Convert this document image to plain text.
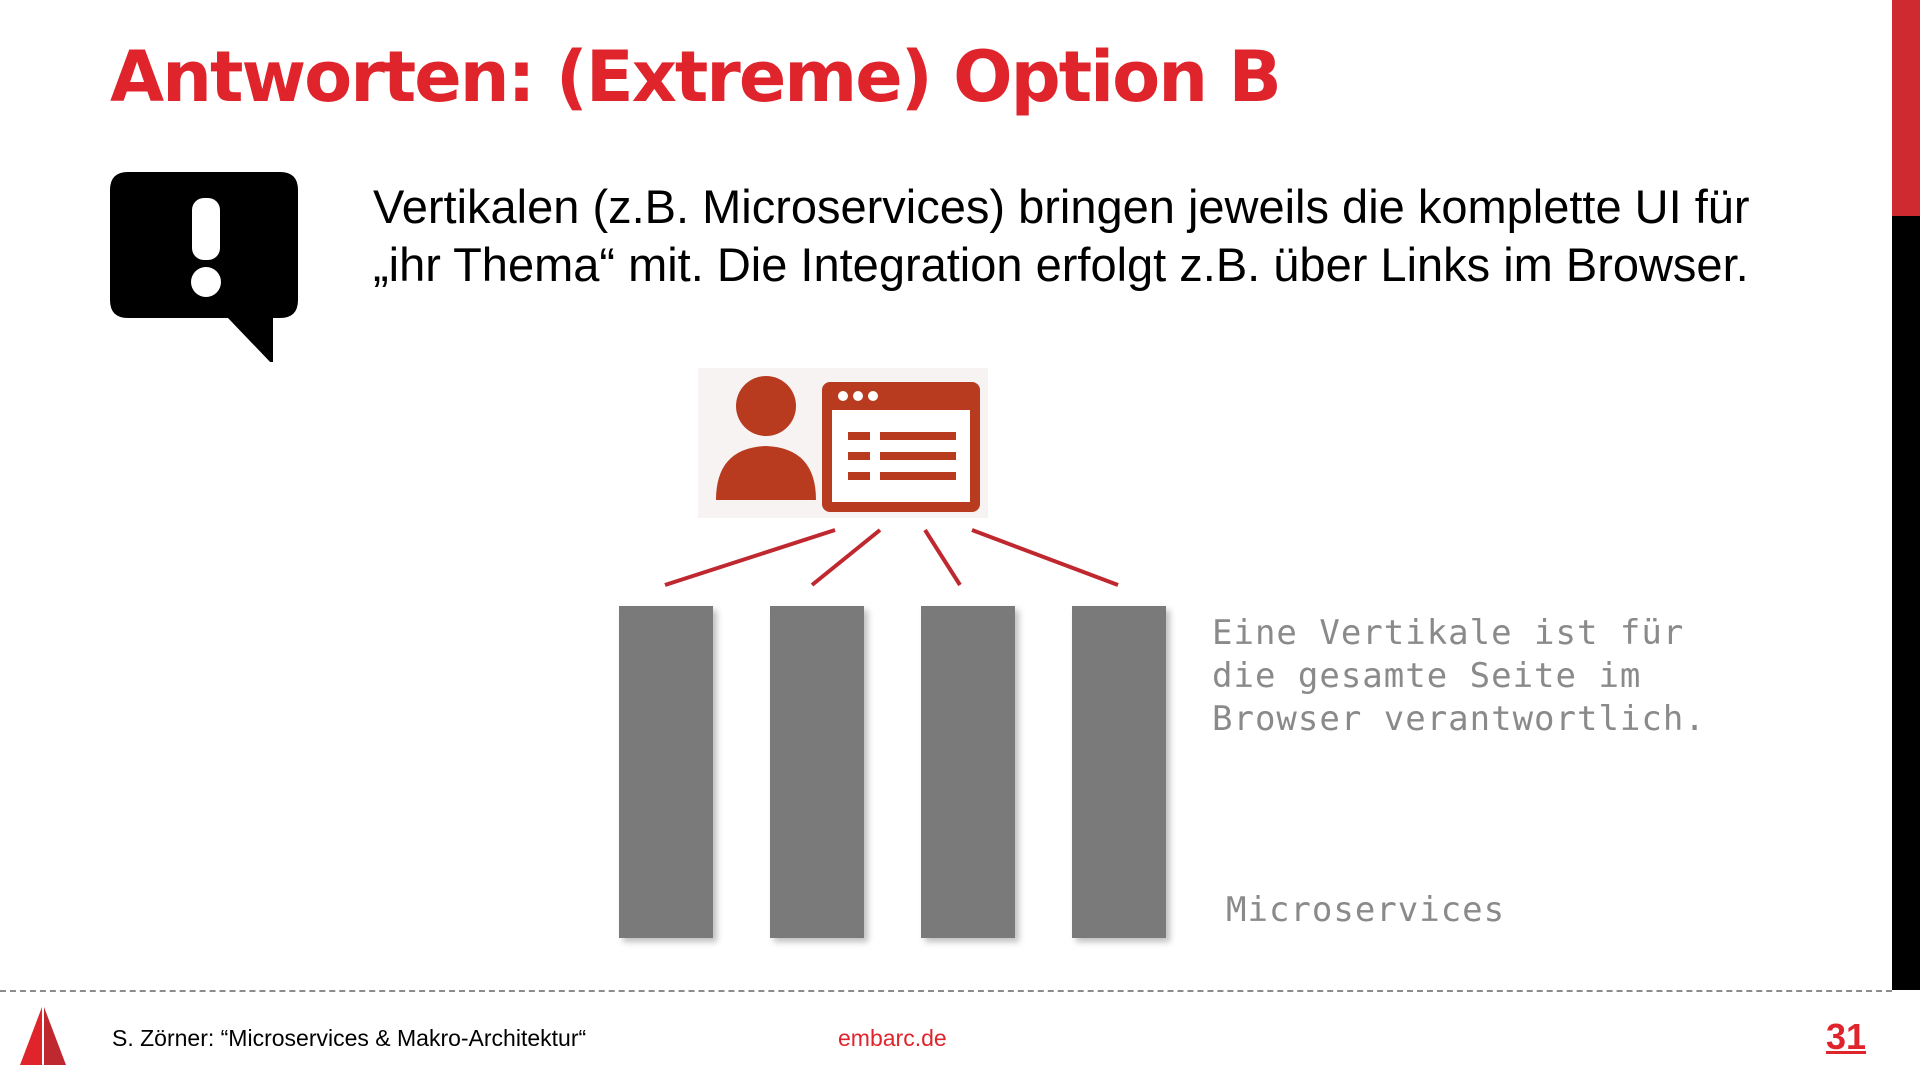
Antworten: (Extreme) Option B

Vertikalen (z.B. Microservices) bringen jeweils die komplette UI für
„ihr Thema“ mit. Die Integration erfolgt z.B. über Links im Browser.

Eine Vertikale ist für
die gesamte Seite im
Browser verantwortlich.

Microservices

S. Zörner: “Microservices & Makro-Architektur“	embarc.de	31
